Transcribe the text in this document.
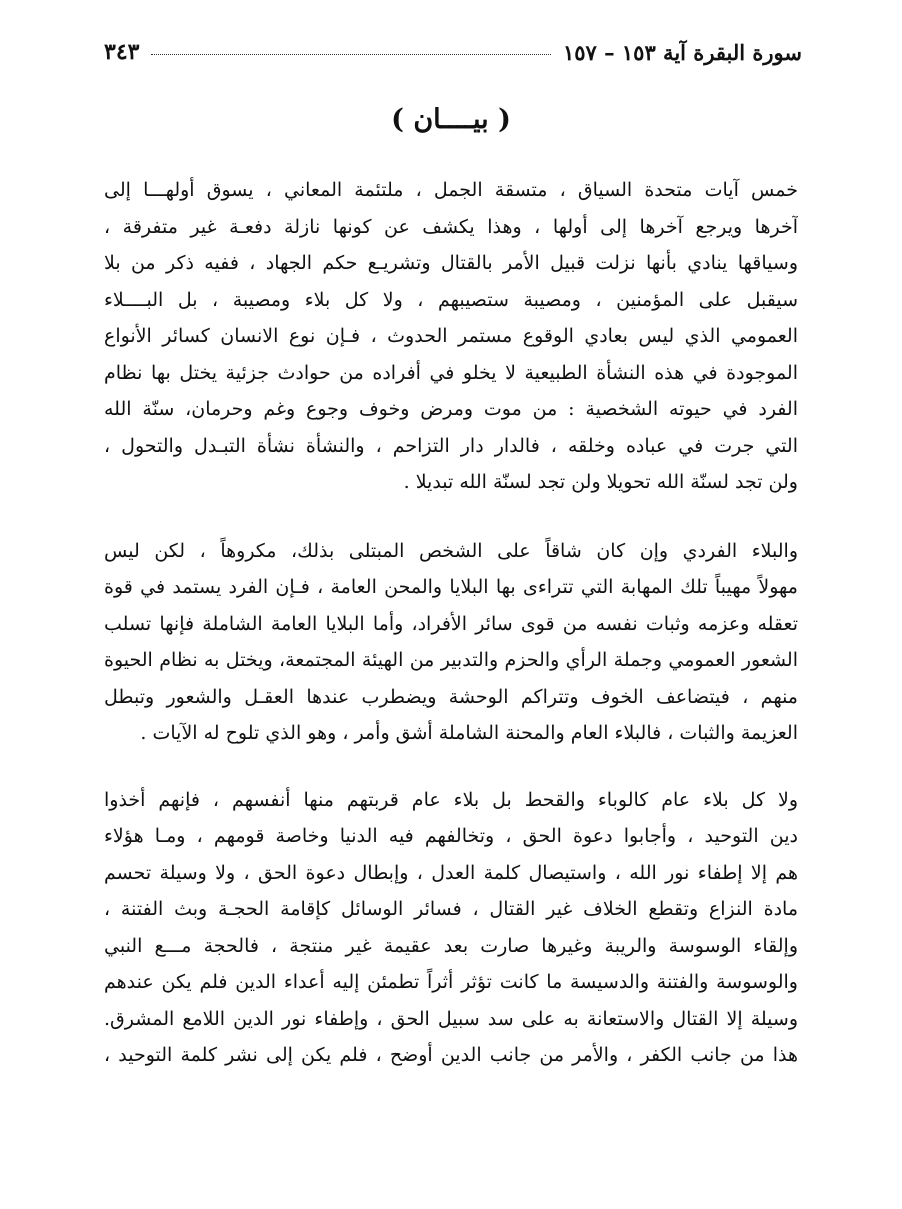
سورة البقرة آية ١٥٣ – ١٥٧
٣٤٣
( بيــــان )

خمس آيات متحدة السياق ، متسقة الجمل ، ملتئمة المعاني ، يسوق أولهـــا إلى
آخرها ويرجع آخرها إلى أولها ، وهذا يكشف عن كونها نازلة دفعـة غير متفرقة ،
وسياقها ينادي بأنها نزلت قبيل الأمر بالقتال وتشريـع حكم الجهاد ، ففيه ذكر من بلا
سيقبل على المؤمنين ، ومصيبة ستصيبهم ، ولا كل بلاء ومصيبة ، بل البــــلاء
العمومي الذي ليس بعادي الوقوع مستمر الحدوث ، فـإن نوع الانسان كسائر الأنواع
الموجودة في هذه النشأة الطبيعية لا يخلو في أفراده من حوادث جزئية يختل بها نظام
الفرد في حيوته الشخصية : من موت ومرض وخوف وجوع وغم وحرمان، سنّة الله
التي جرت في عباده وخلقه ، فالدار دار التزاحم ، والنشأة نشأة التبـدل والتحول ،
ولن تجد لسنّة الله تحويلا ولن تجد لسنّة الله تبديلا .

والبلاء الفردي وإن كان شاقاً على الشخص المبتلى بذلك، مكروهاً ، لكن ليس
مهولاً مهيباً تلك المهابة التي تتراءى بها البلايا والمحن العامة ، فـإن الفرد يستمد في قوة
تعقله وعزمه وثبات نفسه من قوى سائر الأفراد، وأما البلايا العامة الشاملة فإنها تسلب
الشعور العمومي وجملة الرأي والحزم والتدبير من الهيئة المجتمعة، ويختل به نظام الحيوة
منهم ، فيتضاعف الخوف وتتراكم الوحشة ويضطرب عندها العقـل والشعور وتبطل
العزيمة والثبات ، فالبلاء العام والمحنة الشاملة أشق وأمر ، وهو الذي تلوح له الآيات .

ولا كل بلاء عام كالوباء والقحط بل بلاء عام قربتهم منها أنفسهم ، فإنهم أخذوا
دين التوحيد ، وأجابوا دعوة الحق ، وتخالفهم فيه الدنيا وخاصة قومهم ، ومـا هؤلاء
هم إلا إطفاء نور الله ، واستيصال كلمة العدل ، وإبطال دعوة الحق ، ولا وسيلة تحسم
مادة النزاع وتقطع الخلاف غير القتال ، فسائر الوسائل كإقامة الحجـة وبث الفتنة ،
وإلقاء الوسوسة والريبة وغيرها صارت بعد عقيمة غير منتجة ، فالحجة مـــع النبي
والوسوسة والفتنة والدسيسة ما كانت تؤثر أثراً تطمئن إليه أعداء الدين فلم يكن عندهم
وسيلة إلا القتال والاستعانة به على سد سبيل الحق ، وإطفاء نور الدين اللامع المشرق.
هذا من جانب الكفر ، والأمر من جانب الدين أوضح ، فلم يكن إلى نشر كلمة التوحيد ،
